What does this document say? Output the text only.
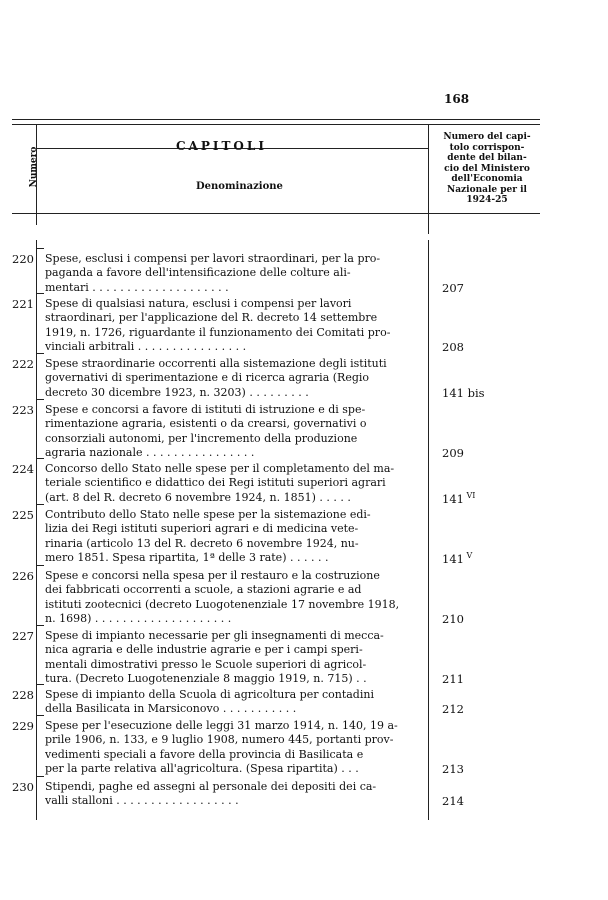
168
CAPITOLI
Numero	Denominazione
Numero del capi-
tolo corrispon-
dente del bilan-
cio del Ministero
dell'Economia
Nazionale per il
1924-25
220 Spese, esclusi i compensi per lavori straordinari, per la pro-
paganda a favore dell'intensificazione delle colture ali-
mentari . . . . . . . . . . . . . . . . . . . .	207
221 Spese di qualsiasi natura, esclusi i compensi per lavori
straordinari, per l'applicazione del R. decreto 14 settembre
1919, n. 1726, riguardante il funzionamento dei Comitati pro-
vinciali arbitrali . . . . . . . . . . . . . . . .	208
222 Spese straordinarie occorrenti alla sistemazione degli istituti
governativi di sperimentazione e di ricerca agraria (Regio
decreto 30 dicembre 1923, n. 3203) . . . . . . . . .	141 bis
223 Spese e concorsi a favore di istituti di istruzione e di spe-
rimentazione agraria, esistenti o da crearsi, governativi o
consorziali autonomi, per l'incremento della produzione
agraria nazionale . . . . . . . . . . . . . . . .	209
224 Concorso dello Stato nelle spese per il completamento del ma-
teriale scientifico e didattico dei Regi istituti superiori agrari
(art. 8 del R. decreto 6 novembre 1924, n. 1851) . . . . .	141 $^{VI}$
225 Contributo dello Stato nelle spese per la sistemazione edi-
lizia dei Regi istituti superiori agrari e di medicina vete-
rinaria (articolo 13 del R. decreto 6 novembre 1924, nu-
mero 1851. Spesa ripartita, 1ª delle 3 rate) . . . . . .	141 $^V$
226 Spese e concorsi nella spesa per il restauro e la costruzione
dei fabbricati occorrenti a scuole, a stazioni agrarie e ad
istituti zootecnici (decreto Luogotenenziale 17 novembre 1918,
n. 1698) . . . . . . . . . . . . . . . . . . . .	210
227 Spese di impianto necessarie per gli insegnamenti di mecca-
nica agraria e delle industrie agrarie e per i campi speri-
mentali dimostrativi presso le Scuole superiori di agricol-
tura. (Decreto Luogotenenziale 8 maggio 1919, n. 715) . .	211
228 Spese di impianto della Scuola di agricoltura per contadini
della Basilicata in Marsiconovo . . . . . . . . . . .	212
229 Spese per l'esecuzione delle leggi 31 marzo 1914, n. 140, 19 a-
prile 1906, n. 133, e 9 luglio 1908, numero 445, portanti prov-
vedimenti speciali a favore della provincia di Basilicata e
per la parte relativa all'agricoltura. (Spesa ripartita) . . .	213
230 Stipendi, paghe ed assegni al personale dei depositi dei ca-
valli stalloni . . . . . . . . . . . . . . . . . .	214
